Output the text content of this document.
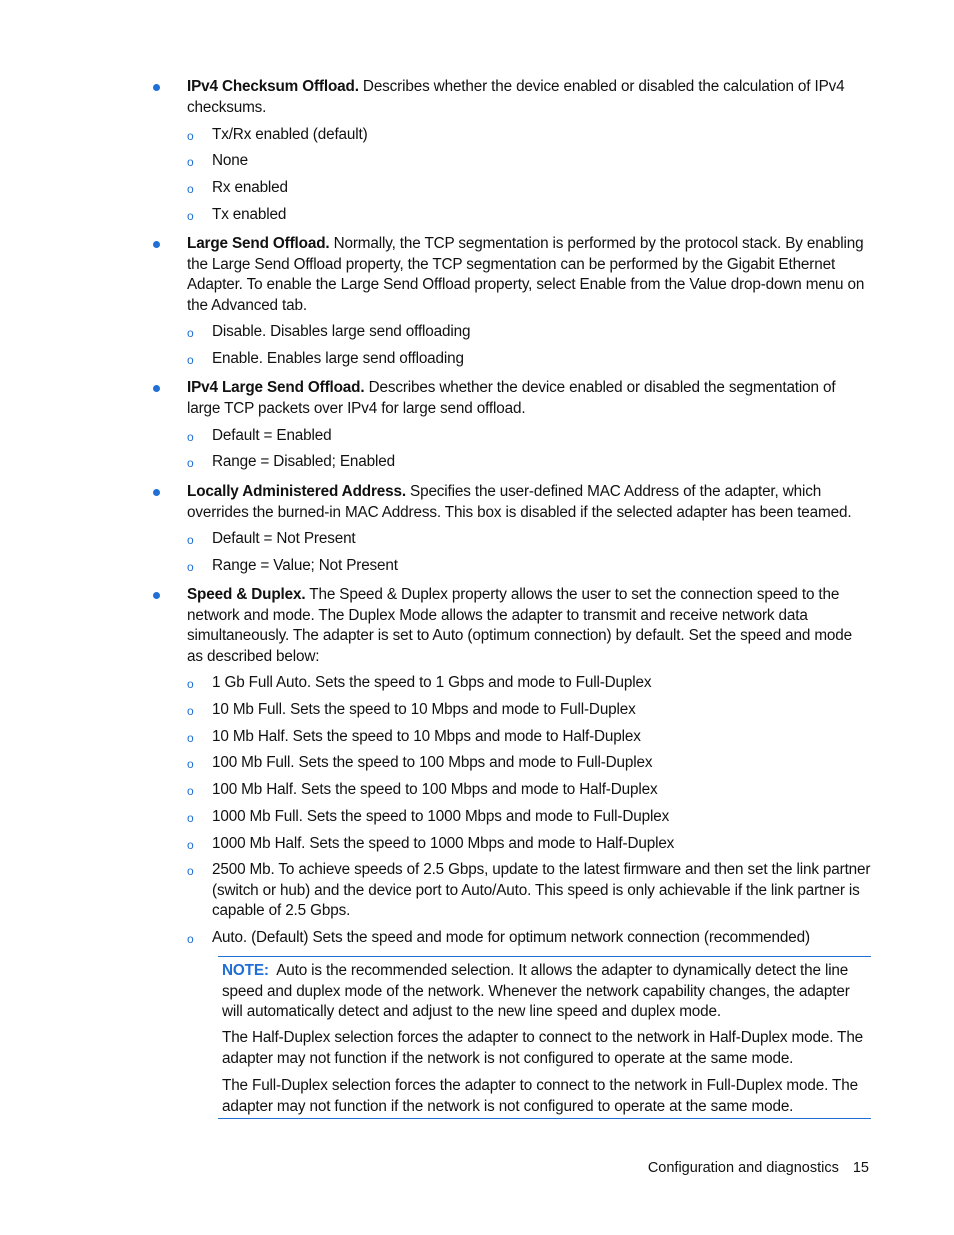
IPv4 Checksum Offload. Describes whether the device enabled or disabled the calculation of IPv4 checksums.
o Tx/Rx enabled (default)
o None
o Rx enabled
o Tx enabled
Large Send Offload. Normally, the TCP segmentation is performed by the protocol stack. By enabling the Large Send Offload property, the TCP segmentation can be performed by the Gigabit Ethernet Adapter. To enable the Large Send Offload property, select Enable from the Value drop-down menu on the Advanced tab.
o Disable. Disables large send offloading
o Enable. Enables large send offloading
IPv4 Large Send Offload. Describes whether the device enabled or disabled the segmentation of large TCP packets over IPv4 for large send offload.
o Default = Enabled
o Range = Disabled; Enabled
Locally Administered Address. Specifies the user-defined MAC Address of the adapter, which overrides the burned-in MAC Address. This box is disabled if the selected adapter has been teamed.
o Default = Not Present
o Range = Value; Not Present
Speed & Duplex. The Speed & Duplex property allows the user to set the connection speed to the network and mode. The Duplex Mode allows the adapter to transmit and receive network data simultaneously. The adapter is set to Auto (optimum connection) by default. Set the speed and mode as described below:
o 1 Gb Full Auto. Sets the speed to 1 Gbps and mode to Full-Duplex
o 10 Mb Full. Sets the speed to 10 Mbps and mode to Full-Duplex
o 10 Mb Half. Sets the speed to 10 Mbps and mode to Half-Duplex
o 100 Mb Full. Sets the speed to 100 Mbps and mode to Full-Duplex
o 100 Mb Half. Sets the speed to 100 Mbps and mode to Half-Duplex
o 1000 Mb Full. Sets the speed to 1000 Mbps and mode to Full-Duplex
o 1000 Mb Half. Sets the speed to 1000 Mbps and mode to Half-Duplex
o 2500 Mb. To achieve speeds of 2.5 Gbps, update to the latest firmware and then set the link partner (switch or hub) and the device port to Auto/Auto. This speed is only achievable if the link partner is capable of 2.5 Gbps.
o Auto. (Default) Sets the speed and mode for optimum network connection (recommended)
NOTE:  Auto is the recommended selection. It allows the adapter to dynamically detect the line speed and duplex mode of the network. Whenever the network capability changes, the adapter will automatically detect and adjust to the new line speed and duplex mode.
The Half-Duplex selection forces the adapter to connect to the network in Half-Duplex mode. The adapter may not function if the network is not configured to operate at the same mode.
The Full-Duplex selection forces the adapter to connect to the network in Full-Duplex mode. The adapter may not function if the network is not configured to operate at the same mode.
Configuration and diagnostics 15
